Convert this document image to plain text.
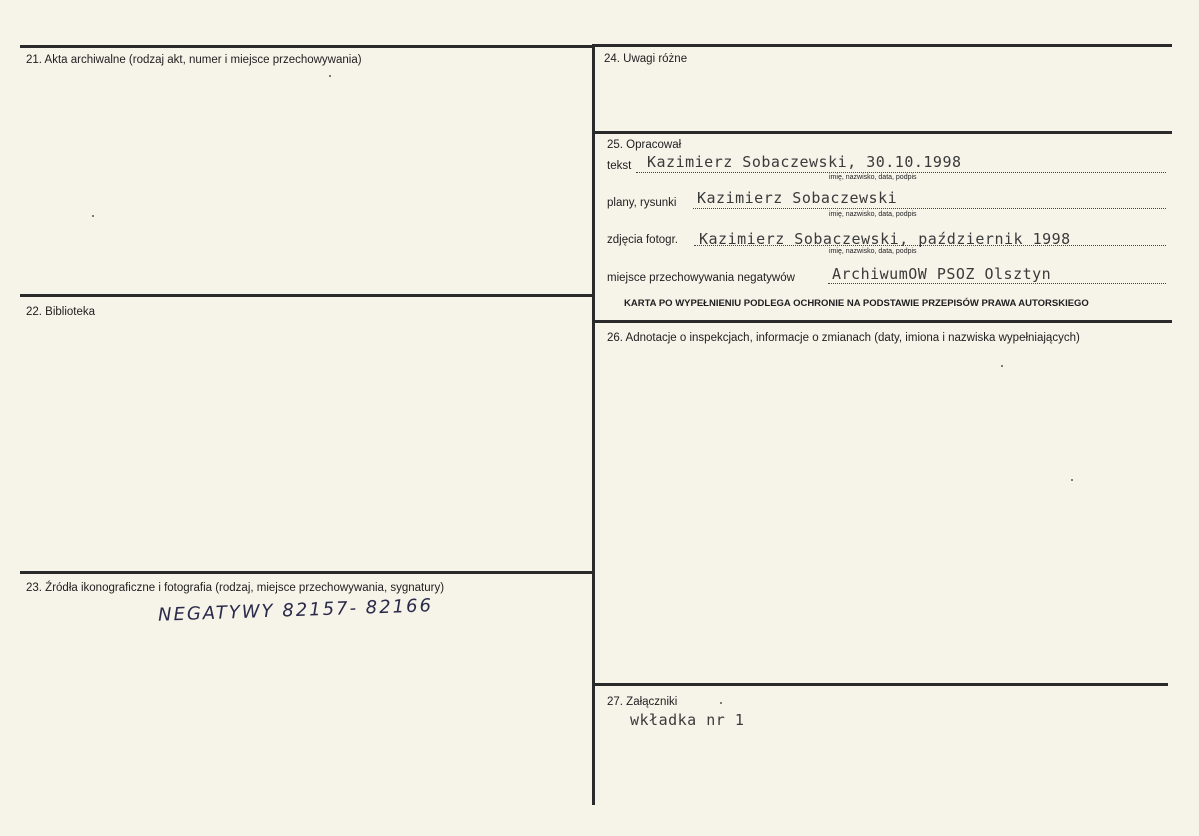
21. Akta archiwalne (rodzaj akt, numer i miejsce przechowywania)
22. Biblioteka
23. Źródła ikonograficzne i fotografia (rodzaj, miejsce przechowywania, sygnatury)
NEGATYWY 82157- 82166
24. Uwagi różne
25. Opracował
tekst Kazimierz Sobaczewski, 30.10.1998
imię, nazwisko, data, podpis
plany, rysunki Kazimierz Sobaczewski
imię, nazwisko, data, podpis
zdjęcia fotogr. Kazimierz Sobaczewski, październik 1998
imię, nazwisko, data, podpis
miejsce przechowywania negatywów ArchiwumOW PSOZ Olsztyn
KARTA PO WYPEŁNIENIU PODLEGA OCHRONIE NA PODSTAWIE PRZEPISÓW PRAWA AUTORSKIEGO
26. Adnotacje o inspekcjach, informacje o zmianach (daty, imiona i nazwiska wypełniających)
27. Załączniki
wkładka nr 1
